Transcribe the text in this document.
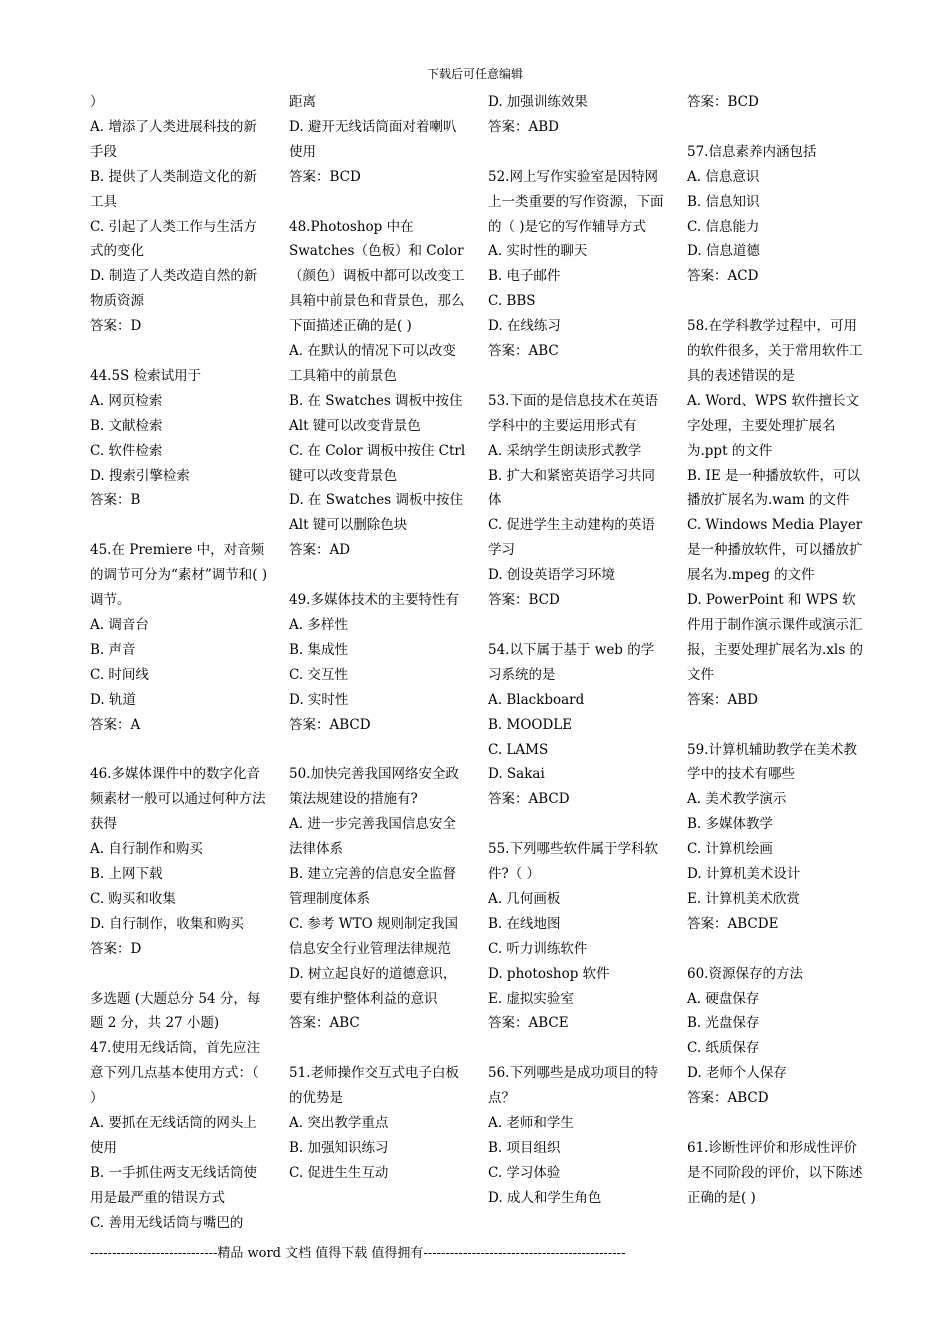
下载后可任意编辑

）

A. 增添了人类进展科技的新手段

B. 提供了人类制造文化的新工具

C. 引起了人类工作与生活方式的变化

D. 制造了人类改造自然的新物质资源

答案：D

44.5S 检索试用于

A. 网页检索

B. 文献检索

C. 软件检索

D. 搜索引擎检索

答案：B

45.在 Premiere 中，对音频的调节可分为“素材”调节和( )调节。

A. 调音台

B. 声音

C. 时间线

D. 轨道

答案：A

46.多媒体课件中的数字化音频素材一般可以通过何种方法获得

A. 自行制作和购买

B. 上网下载

C. 购买和收集

D. 自行制作，收集和购买

答案：D

多选题 (大题总分 54 分，每题 2 分，共 27 小题)

47.使用无线话筒，首先应注意下列几点基本使用方式：（ ）

A. 要抓在无线话筒的网头上使用

B. 一手抓住两支无线话筒使用是最严重的错误方式

C. 善用无线话筒与嘴巴的

距离

D. 避开无线话筒面对着喇叭使用

答案：BCD

48.Photoshop 中在 Swatches（色板）和 Color（颜色）调板中都可以改变工具箱中前景色和背景色，那么下面描述正确的是( )

A. 在默认的情况下可以改变工具箱中的前景色

B. 在 Swatches 调板中按住 Alt 键可以改变背景色

C. 在 Color 调板中按住 Ctrl 键可以改变背景色

D. 在 Swatches 调板中按住 Alt 键可以删除色块

答案：AD

49.多媒体技术的主要特性有

A. 多样性

B. 集成性

C. 交互性

D. 实时性

答案：ABCD

50.加快完善我国网络安全政策法规建设的措施有?

A. 进一步完善我国信息安全法律体系

B. 建立完善的信息安全监督管理制度体系

C. 参考 WTO 规则制定我国信息安全行业管理法律规范

D. 树立起良好的道德意识，要有维护整体利益的意识

答案：ABC

51.老师操作交互式电子白板的优势是

A. 突出教学重点

B. 加强知识练习

C. 促进生生互动

D. 加强训练效果

答案：ABD

52.网上写作实验室是因特网上一类重要的写作资源，下面的（ )是它的写作辅导方式

A. 实时性的聊天

B. 电子邮件

C. BBS

D. 在线练习

答案：ABC

53.下面的是信息技术在英语学科中的主要运用形式有

A. 采纳学生朗读形式教学

B. 扩大和紧密英语学习共同体

C. 促进学生主动建构的英语学习

D. 创设英语学习环境

答案：BCD

54.以下属于基于 web 的学习系统的是

A. Blackboard

B. MOODLE

C. LAMS

D. Sakai

答案：ABCD

55.下列哪些软件属于学科软件?（ ）

A. 几何画板

B. 在线地图

C. 听力训练软件

D. photoshop 软件

E. 虚拟实验室

答案：ABCE

56.下列哪些是成功项目的特点？

A. 老师和学生

B. 项目组织

C. 学习体验

D. 成人和学生角色

答案：BCD

57.信息素养内涵包括

A. 信息意识

B. 信息知识

C. 信息能力

D. 信息道德

答案：ACD

58.在学科教学过程中，可用的软件很多，关于常用软件工具的表述错误的是

A. Word、WPS 软件擅长文字处理，主要处理扩展名为.ppt 的文件

B. IE 是一种播放软件，可以播放扩展名为.wam 的文件

C. Windows Media Player 是一种播放软件，可以播放扩展名为.mpeg 的文件

D. PowerPoint 和 WPS 软件用于制作演示课件或演示汇报，主要处理扩展名为.xls 的文件

答案：ABD

59.计算机辅助教学在美术教学中的技术有哪些

A. 美术教学演示

B. 多媒体教学

C. 计算机绘画

D. 计算机美术设计

E. 计算机美术欣赏

答案：ABCDE

60.资源保存的方法

A. 硬盘保存

B. 光盘保存

C. 纸质保存

D. 老师个人保存

答案：ABCD

61.诊断性评价和形成性评价是不同阶段的评价，以下陈述正确的是( )

-----------------------------精品 word 文档 值得下载 值得拥有----------------------------------------------
